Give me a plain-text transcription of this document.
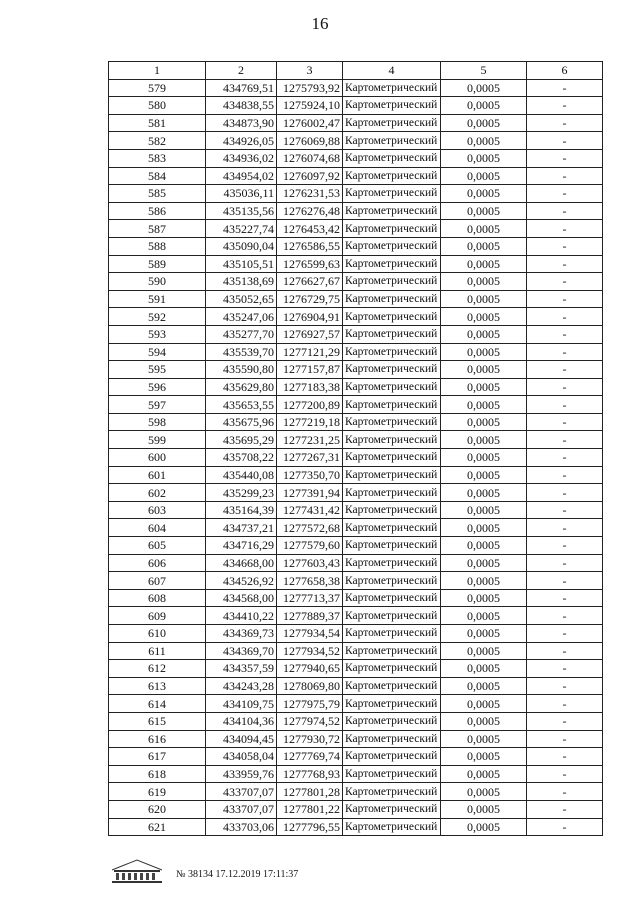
16
1	2	3	4	5	6
579	434769,51	1275793,92	Картометрический	0,0005	-
580	434838,55	1275924,10	Картометрический	0,0005	-
581	434873,90	1276002,47	Картометрический	0,0005	-
582	434926,05	1276069,88	Картометрический	0,0005	-
583	434936,02	1276074,68	Картометрический	0,0005	-
584	434954,02	1276097,92	Картометрический	0,0005	-
585	435036,11	1276231,53	Картометрический	0,0005	-
586	435135,56	1276276,48	Картометрический	0,0005	-
587	435227,74	1276453,42	Картометрический	0,0005	-
588	435090,04	1276586,55	Картометрический	0,0005	-
589	435105,51	1276599,63	Картометрический	0,0005	-
590	435138,69	1276627,67	Картометрический	0,0005	-
591	435052,65	1276729,75	Картометрический	0,0005	-
592	435247,06	1276904,91	Картометрический	0,0005	-
593	435277,70	1276927,57	Картометрический	0,0005	-
594	435539,70	1277121,29	Картометрический	0,0005	-
595	435590,80	1277157,87	Картометрический	0,0005	-
596	435629,80	1277183,38	Картометрический	0,0005	-
597	435653,55	1277200,89	Картометрический	0,0005	-
598	435675,96	1277219,18	Картометрический	0,0005	-
599	435695,29	1277231,25	Картометрический	0,0005	-
600	435708,22	1277267,31	Картометрический	0,0005	-
601	435440,08	1277350,70	Картометрический	0,0005	-
602	435299,23	1277391,94	Картометрический	0,0005	-
603	435164,39	1277431,42	Картометрический	0,0005	-
604	434737,21	1277572,68	Картометрический	0,0005	-
605	434716,29	1277579,60	Картометрический	0,0005	-
606	434668,00	1277603,43	Картометрический	0,0005	-
607	434526,92	1277658,38	Картометрический	0,0005	-
608	434568,00	1277713,37	Картометрический	0,0005	-
609	434410,22	1277889,37	Картометрический	0,0005	-
610	434369,73	1277934,54	Картометрический	0,0005	-
611	434369,70	1277934,52	Картометрический	0,0005	-
612	434357,59	1277940,65	Картометрический	0,0005	-
613	434243,28	1278069,80	Картометрический	0,0005	-
614	434109,75	1277975,79	Картометрический	0,0005	-
615	434104,36	1277974,52	Картометрический	0,0005	-
616	434094,45	1277930,72	Картометрический	0,0005	-
617	434058,04	1277769,74	Картометрический	0,0005	-
618	433959,76	1277768,93	Картометрический	0,0005	-
619	433707,07	1277801,28	Картометрический	0,0005	-
620	433707,07	1277801,22	Картометрический	0,0005	-
621	433703,06	1277796,55	Картометрический	0,0005	-
№ 38134 17.12.2019 17:11:37
